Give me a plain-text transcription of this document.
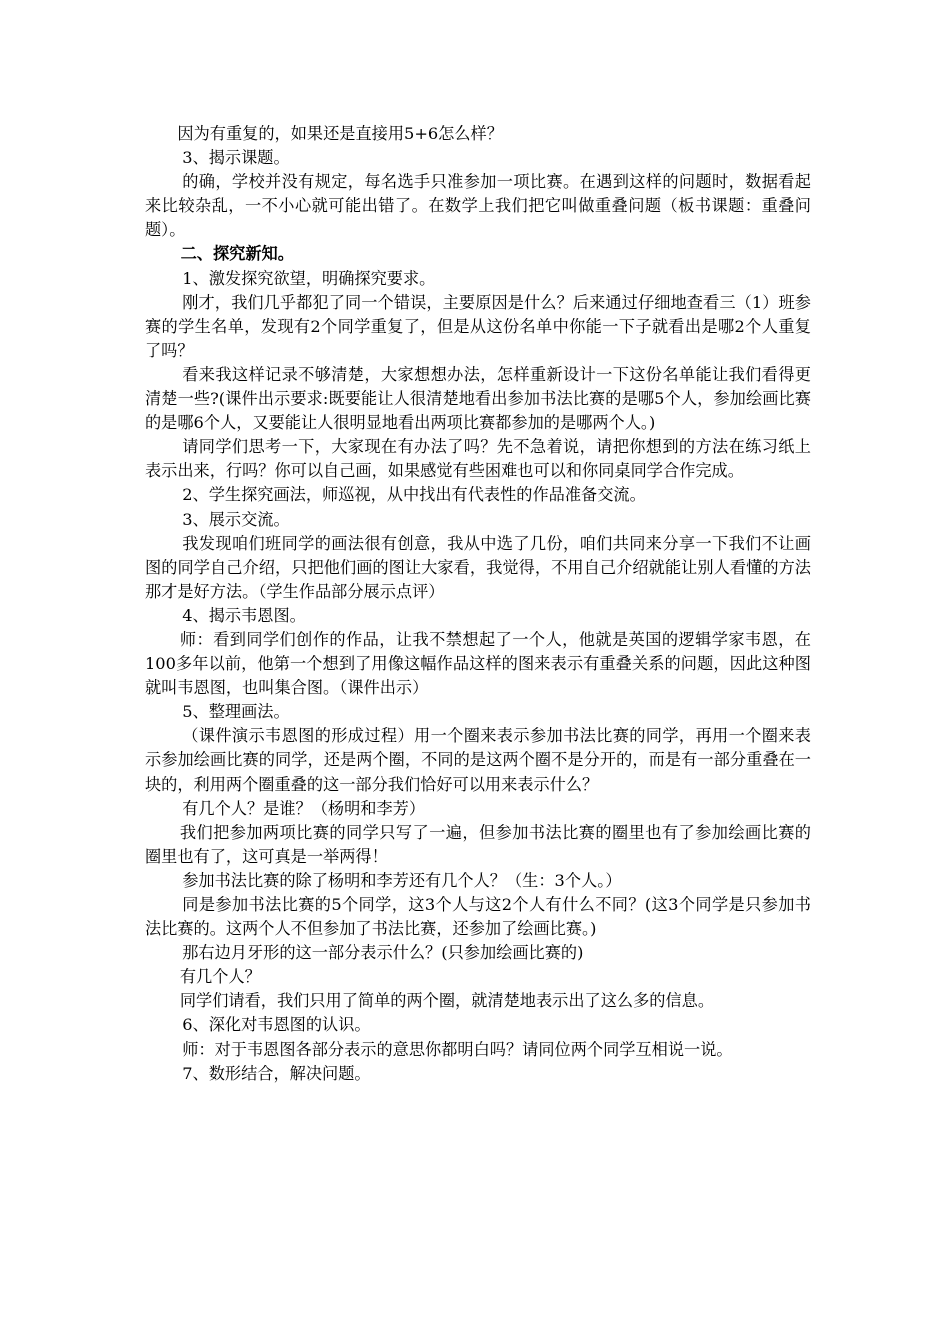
因为有重复的，如果还是直接用5+6怎么样？

3、揭示课题。

的确，学校并没有规定，每名选手只准参加一项比赛。在遇到这样的问题时，数据看起来比较杂乱，一不小心就可能出错了。在数学上我们把它叫做重叠问题（板书课题：重叠问题）。

二、探究新知。

1、激发探究欲望，明确探究要求。

刚才，我们几乎都犯了同一个错误，主要原因是什么？后来通过仔细地查看三（1）班参赛的学生名单，发现有2个同学重复了，但是从这份名单中你能一下子就看出是哪2个人重复了吗？

看来我这样记录不够清楚，大家想想办法，怎样重新设计一下这份名单能让我们看得更清楚一些?(课件出示要求:既要能让人很清楚地看出参加书法比赛的是哪5个人，参加绘画比赛的是哪6个人，又要能让人很明显地看出两项比赛都参加的是哪两个人。)

请同学们思考一下，大家现在有办法了吗？先不急着说，请把你想到的方法在练习纸上表示出来，行吗？你可以自己画，如果感觉有些困难也可以和你同桌同学合作完成。

2、学生探究画法，师巡视，从中找出有代表性的作品准备交流。

3、展示交流。

我发现咱们班同学的画法很有创意，我从中选了几份，咱们共同来分享一下我们不让画图的同学自己介绍，只把他们画的图让大家看，我觉得，不用自己介绍就能让别人看懂的方法那才是好方法。（学生作品部分展示点评）

4、揭示韦恩图。

师：看到同学们创作的作品，让我不禁想起了一个人，他就是英国的逻辑学家韦恩，在100多年以前，他第一个想到了用像这幅作品这样的图来表示有重叠关系的问题，因此这种图就叫韦恩图，也叫集合图。（课件出示）

5、整理画法。

（课件演示韦恩图的形成过程）用一个圈来表示参加书法比赛的同学，再用一个圈来表示参加绘画比赛的同学，还是两个圈，不同的是这两个圈不是分开的，而是有一部分重叠在一块的，利用两个圈重叠的这一部分我们恰好可以用来表示什么？

有几个人？是谁？（杨明和李芳）

我们把参加两项比赛的同学只写了一遍，但参加书法比赛的圈里也有了参加绘画比赛的圈里也有了，这可真是一举两得！

参加书法比赛的除了杨明和李芳还有几个人？（生：3个人。）

同是参加书法比赛的5个同学，这3个人与这2个人有什么不同？(这3个同学是只参加书法比赛的。这两个人不但参加了书法比赛，还参加了绘画比赛。)

那右边月牙形的这一部分表示什么？(只参加绘画比赛的)

有几个人？

同学们请看，我们只用了简单的两个圈，就清楚地表示出了这么多的信息。

6、深化对韦恩图的认识。

师：对于韦恩图各部分表示的意思你都明白吗？请同位两个同学互相说一说。

7、数形结合，解决问题。
